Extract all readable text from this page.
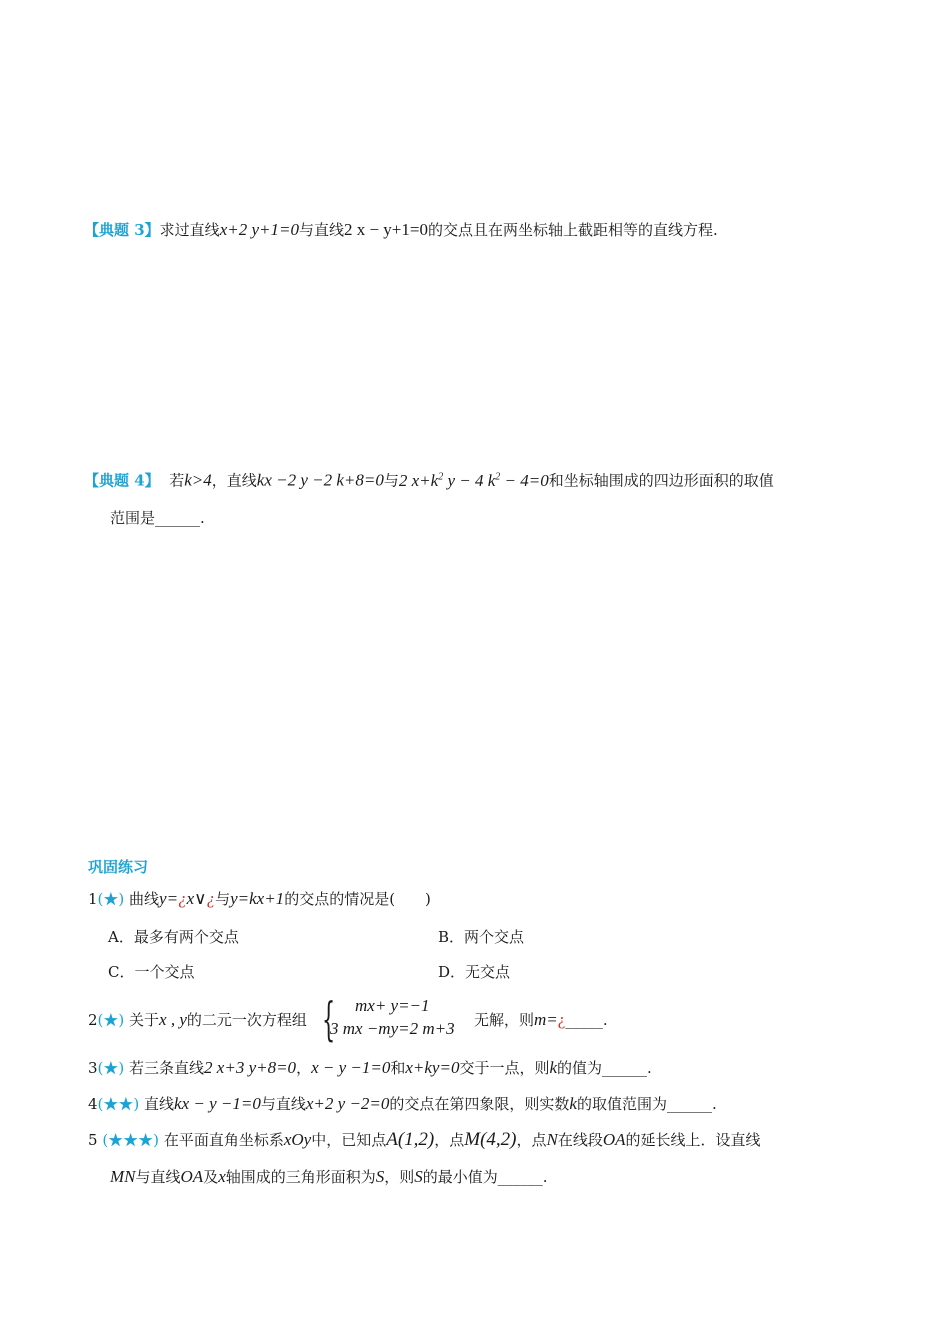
【典题 3】求过直线x+2 y+1=0与直线2 x − y+1=0的交点且在两坐标轴上截距相等的直线方程.
【典题 4】 若k>4，直线kx −2 y −2 k+8=0与2 $x+k^2$ y − 4 $k^2 - 4=0$和坐标轴围成的四边形面积的取值
范围是______.
巩固练习
1(★) 曲线y=¿x∨¿与y=kx+1的交点的情况是(　　)
A．最多有两个交点	B．两个交点
C．一个交点	D．无交点
2(★) 关于x , y的二元一次方程组 { mx+ y=−1
3 mx −my=2 m+3 无解，则m=¿_____.
3(★) 若三条直线2 x+3 y+8=0，x − y −1=0和x+ky=0交于一点，则k的值为______.
4(★★) 直线kx − y −1=0与直线x+2 y −2=0的交点在第四象限，则实数k的取值范围为______.
5 (★★★) 在平面直角坐标系xOy中，已知点A(1,2)，点M(4,2)，点N在线段OA的延长线上．设直线
MN与直线OA及x轴围成的三角形面积为S，则S的最小值为______.
